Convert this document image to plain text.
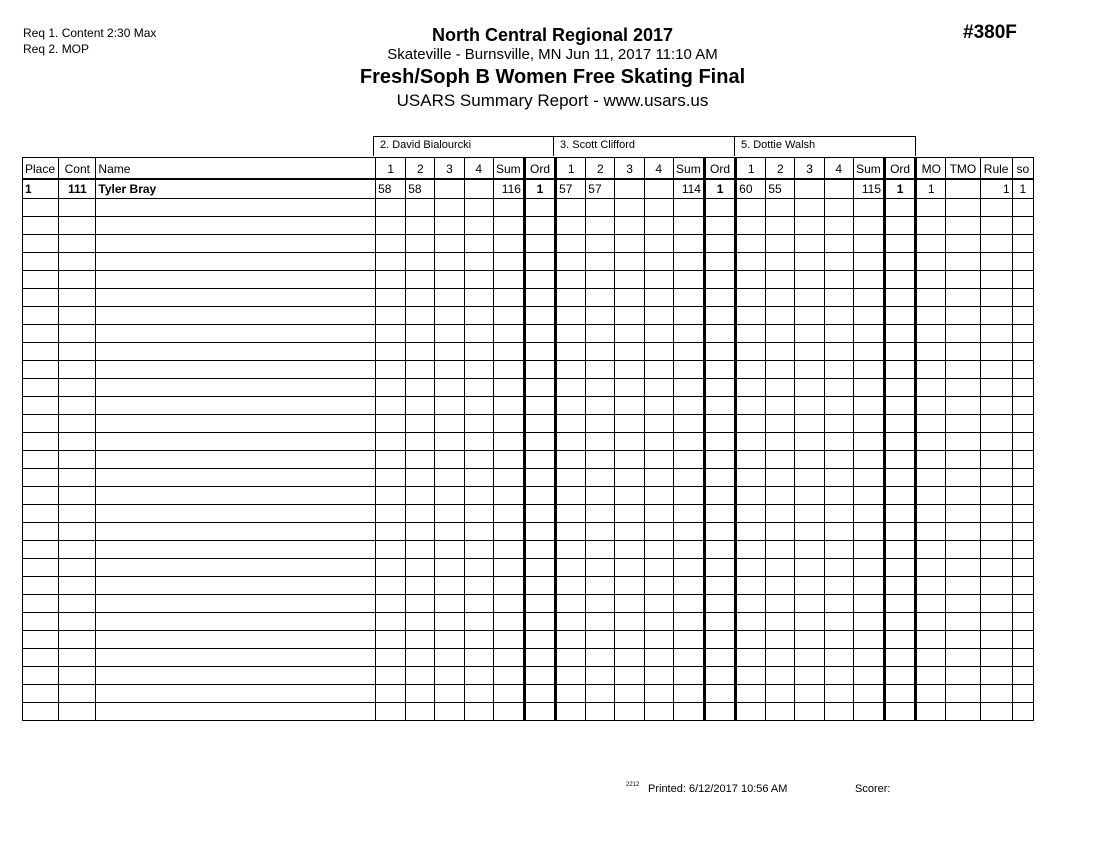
Req 1. Content 2:30 Max
Req 2. MOP
#380F
North Central Regional 2017
Skateville - Burnsville, MN Jun 11, 2017 11:10 AM
Fresh/Soph B Women Free Skating Final
USARS Summary Report - www.usars.us
2. David Bialourcki	3. Scott Clifford	5. Dottie Walsh
Place	Cont	Name	1	2	3	4	Sum	Ord	1	2	3	4	Sum	Ord	1	2	3	4	Sum	Ord	MO	TMO	Rule	so
1	111	Tyler Bray	58	58			116	1	57	57			114	1	60	55			115	1	1		1	1

2212 Printed: 6/12/2017 10:56 AM	Scorer:
